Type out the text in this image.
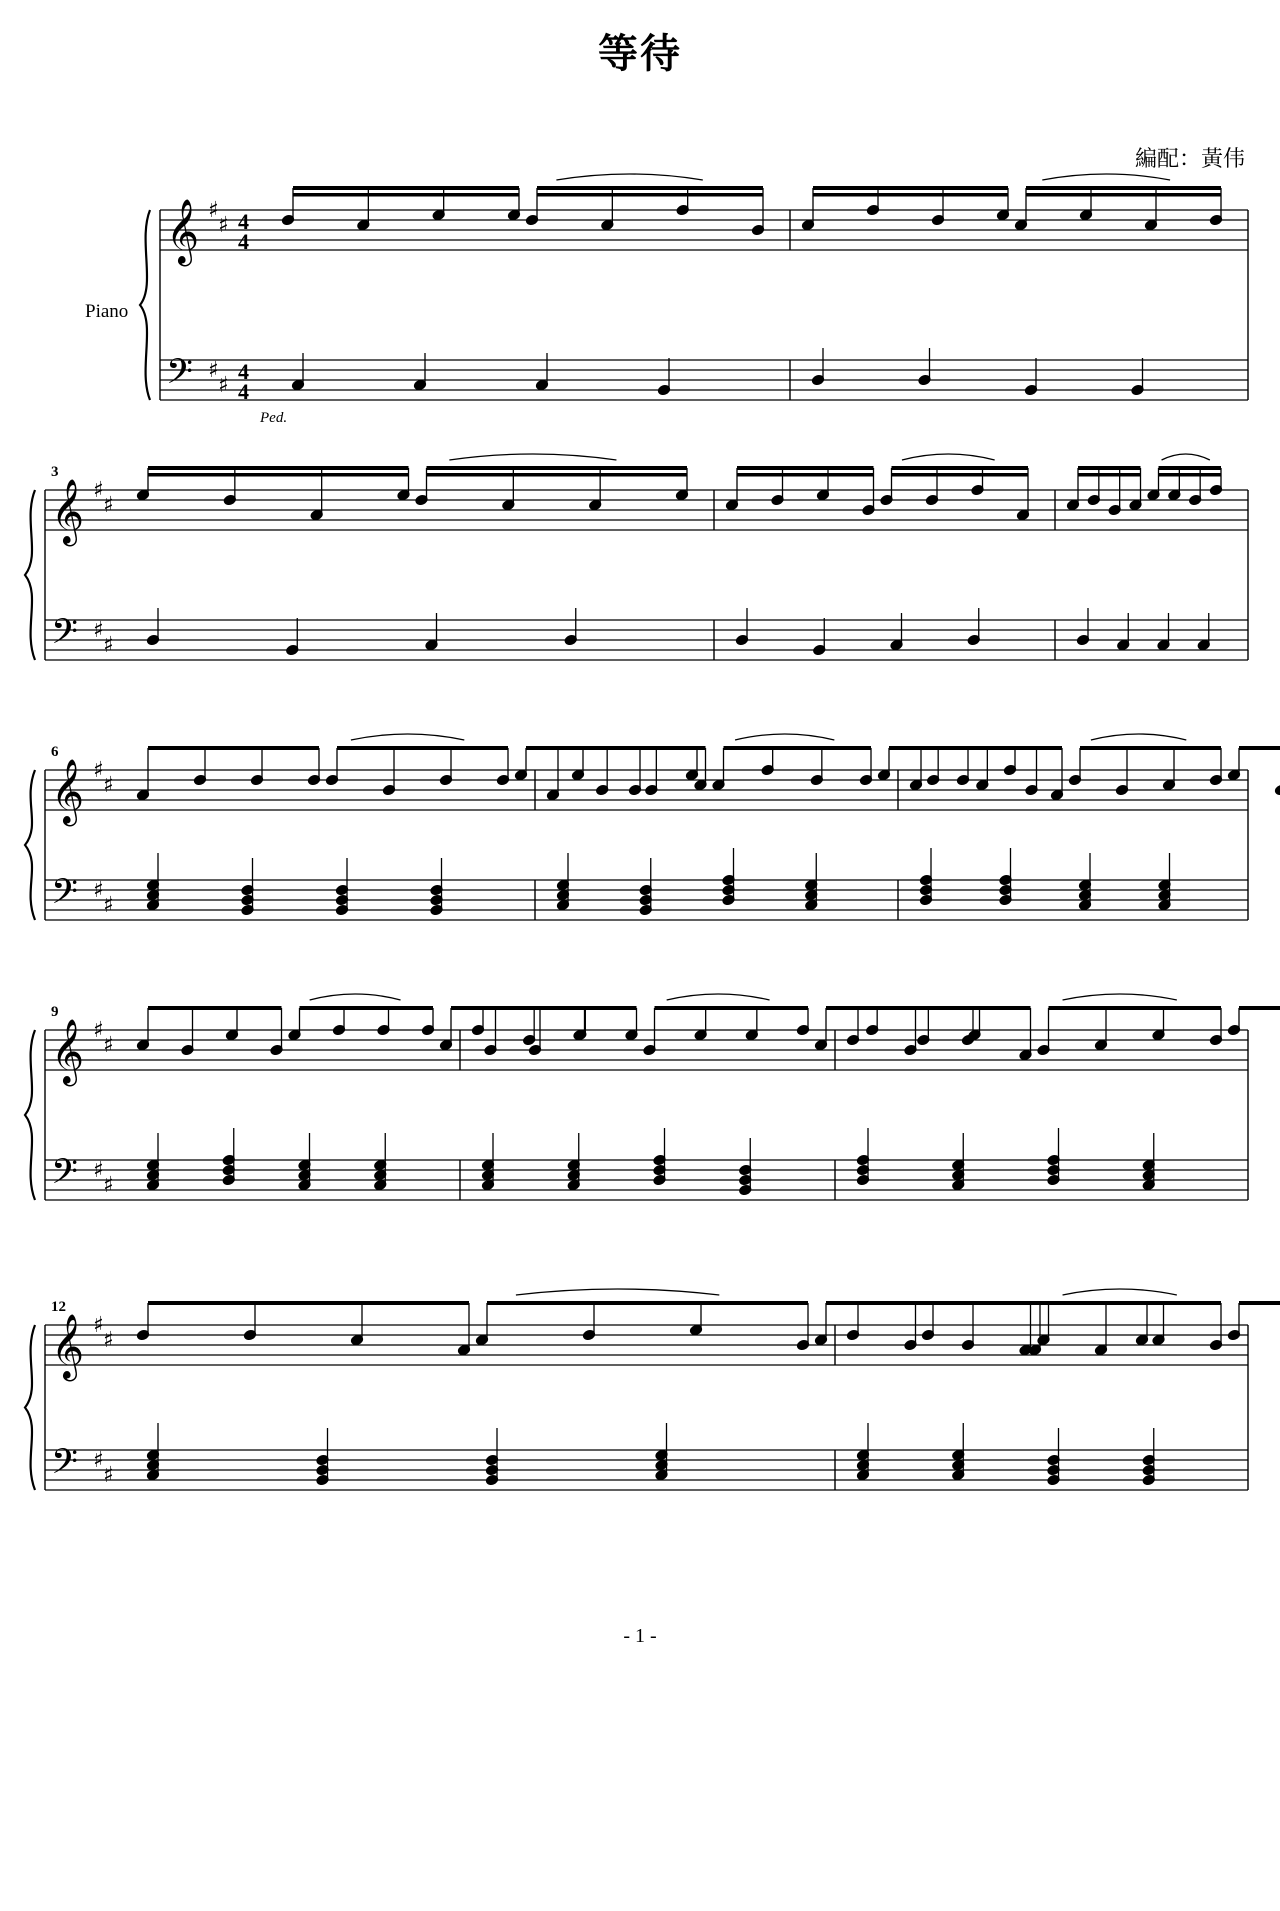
等待
編配：黃伟
𝄞
𝄢
♯
♯
♯
♯
Piano
4
4
4
4
Ped.
𝄞
𝄢
♯
♯
♯
♯
3
𝄞
𝄢
♯
♯
♯
♯
6
𝄞
𝄢
♯
♯
♯
♯
9
𝄞
𝄢
♯
♯
♯
♯
12
- 1 -
